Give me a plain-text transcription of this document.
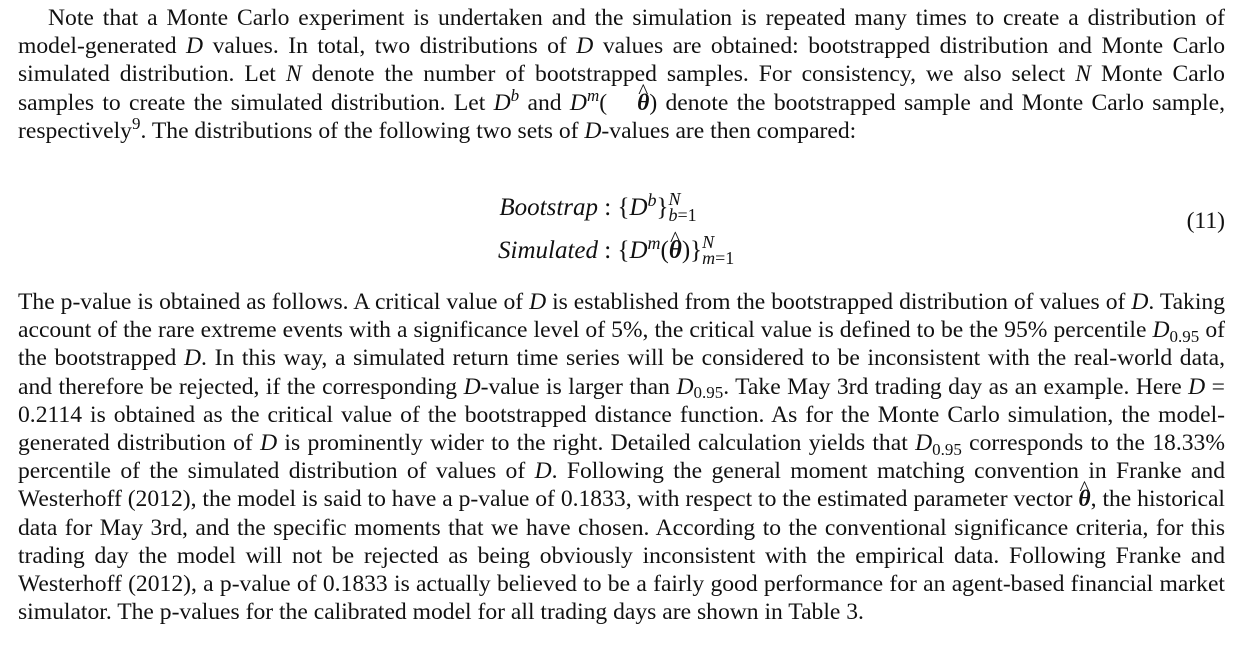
Note that a Monte Carlo experiment is undertaken and the simulation is repeated many times to create a distribution of model-generated D values. In total, two distributions of D values are obtained: bootstrapped distribution and Monte Carlo simulated distribution. Let N denote the number of bootstrapped samples. For consistency, we also select N Monte Carlo samples to create the simulated distribution. Let $D^b$ and $D^m(\^{}$ θ) denote the bootstrapped sample and Monte Carlo sample, respectively$^9$. The distributions of the following two sets of D-values are then compared:

Bootstrap : $\{D^b\}$ N
b=1
Simulated : {$D^m(\^{}$ θ)} N
m=1
(11)

The p-value is obtained as follows. A critical value of D is established from the bootstrapped distribution of values of D. Taking account of the rare extreme events with a significance level of 5%, the critical value is defined to be the 95% percentile $D_{0.95}$ of the bootstrapped D. In this way, a simulated return time series will be considered to be inconsistent with the real-world data, and therefore be rejected, if the corresponding D-value is larger than $D_{0.95}$. Take May 3rd trading day as an example. Here D = 0.2114 is obtained as the critical value of the bootstrapped distance function. As for the Monte Carlo simulation, the model-generated distribution of D is prominently wider to the right. Detailed calculation yields that $D_{0.95}$ corresponds to the 18.33% percentile of the simulated distribution of values of D. Following the general moment matching convention in Franke and Westerhoff (2012), the model is said to have a p-value of 0.1833, with respect to the estimated parameter vector ^ θ, the historical data for May 3rd, and the specific moments that we have chosen. According to the conventional significance criteria, for this trading day the model will not be rejected as being obviously inconsistent with the empirical data. Following Franke and Westerhoff (2012), a p-value of 0.1833 is actually believed to be a fairly good performance for an agent-based financial market simulator. The p-values for the calibrated model for all trading days are shown in Table 3.
